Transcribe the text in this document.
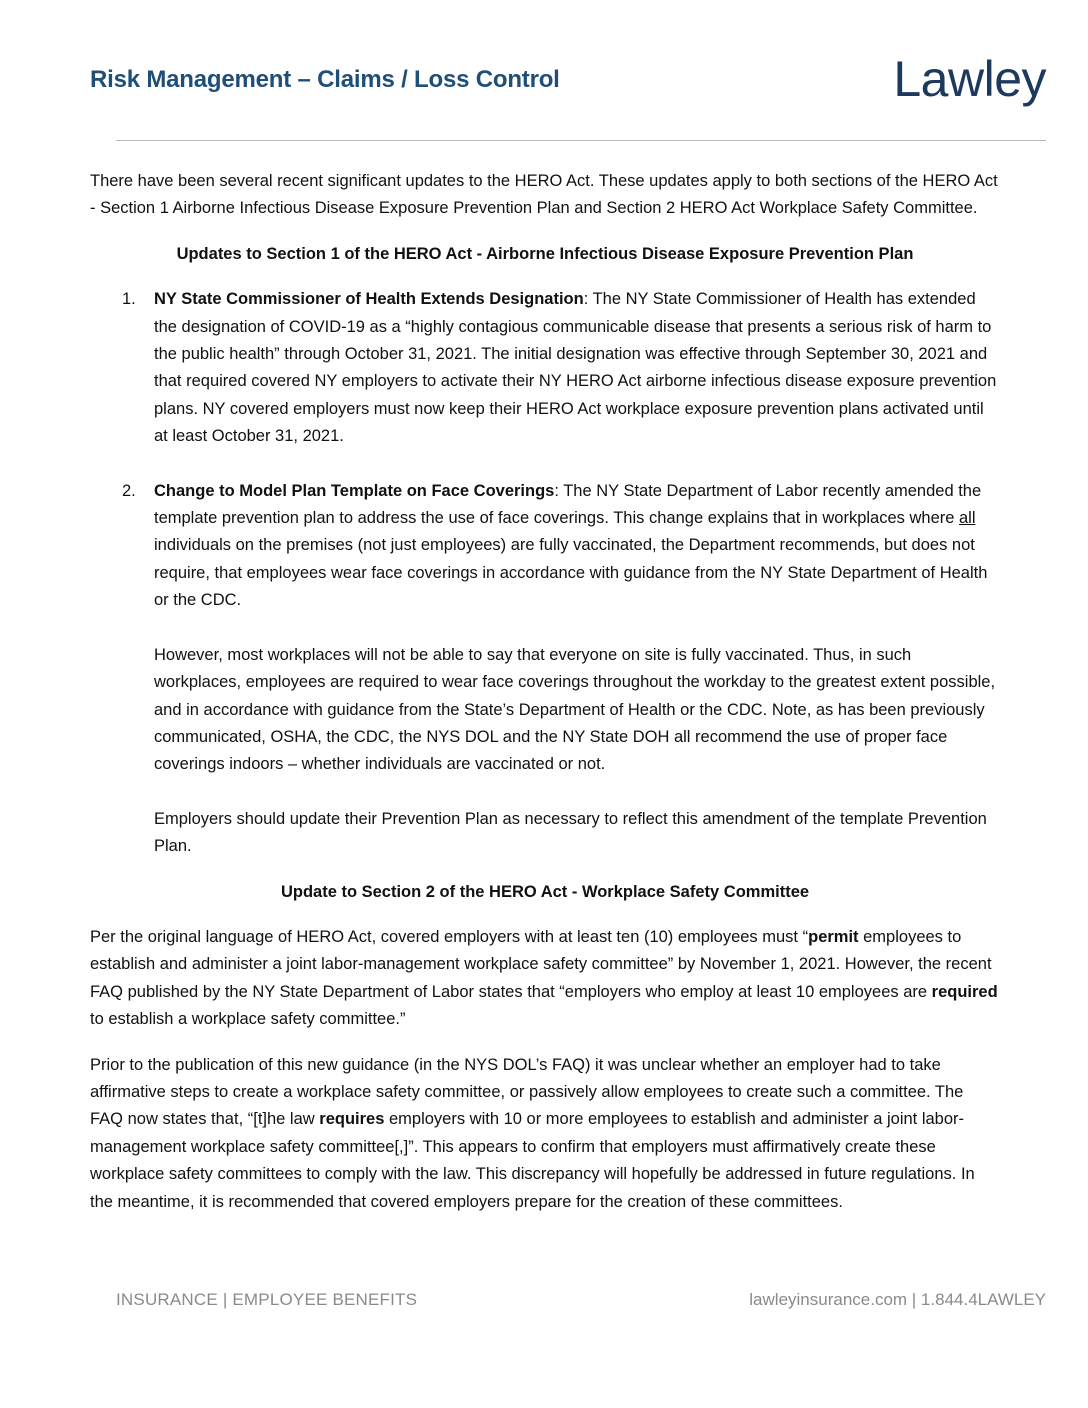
Risk Management – Claims / Loss Control	Lawley

There have been several recent significant updates to the HERO Act. These updates apply to both sections of the HERO Act - Section 1 Airborne Infectious Disease Exposure Prevention Plan and Section 2 HERO Act Workplace Safety Committee.

Updates to Section 1 of the HERO Act - Airborne Infectious Disease Exposure Prevention Plan

1. NY State Commissioner of Health Extends Designation: The NY State Commissioner of Health has extended the designation of COVID-19 as a “highly contagious communicable disease that presents a serious risk of harm to the public health” through October 31, 2021. The initial designation was effective through September 30, 2021 and that required covered NY employers to activate their NY HERO Act airborne infectious disease exposure prevention plans. NY covered employers must now keep their HERO Act workplace exposure prevention plans activated until at least October 31, 2021.

2. Change to Model Plan Template on Face Coverings: The NY State Department of Labor recently amended the template prevention plan to address the use of face coverings. This change explains that in workplaces where all individuals on the premises (not just employees) are fully vaccinated, the Department recommends, but does not require, that employees wear face coverings in accordance with guidance from the NY State Department of Health or the CDC.

However, most workplaces will not be able to say that everyone on site is fully vaccinated. Thus, in such workplaces, employees are required to wear face coverings throughout the workday to the greatest extent possible, and in accordance with guidance from the State’s Department of Health or the CDC. Note, as has been previously communicated, OSHA, the CDC, the NYS DOL and the NY State DOH all recommend the use of proper face coverings indoors – whether individuals are vaccinated or not.

Employers should update their Prevention Plan as necessary to reflect this amendment of the template Prevention Plan.

Update to Section 2 of the HERO Act - Workplace Safety Committee

Per the original language of HERO Act, covered employers with at least ten (10) employees must “permit employees to establish and administer a joint labor-management workplace safety committee” by November 1, 2021. However, the recent FAQ published by the NY State Department of Labor states that “employers who employ at least 10 employees are required to establish a workplace safety committee.”

Prior to the publication of this new guidance (in the NYS DOL’s FAQ) it was unclear whether an employer had to take affirmative steps to create a workplace safety committee, or passively allow employees to create such a committee. The FAQ now states that, “[t]he law requires employers with 10 or more employees to establish and administer a joint labor-management workplace safety committee[,]”. This appears to confirm that employers must affirmatively create these workplace safety committees to comply with the law. This discrepancy will hopefully be addressed in future regulations. In the meantime, it is recommended that covered employers prepare for the creation of these committees.

INSURANCE | EMPLOYEE BENEFITS	lawleyinsurance.com | 1.844.4LAWLEY
